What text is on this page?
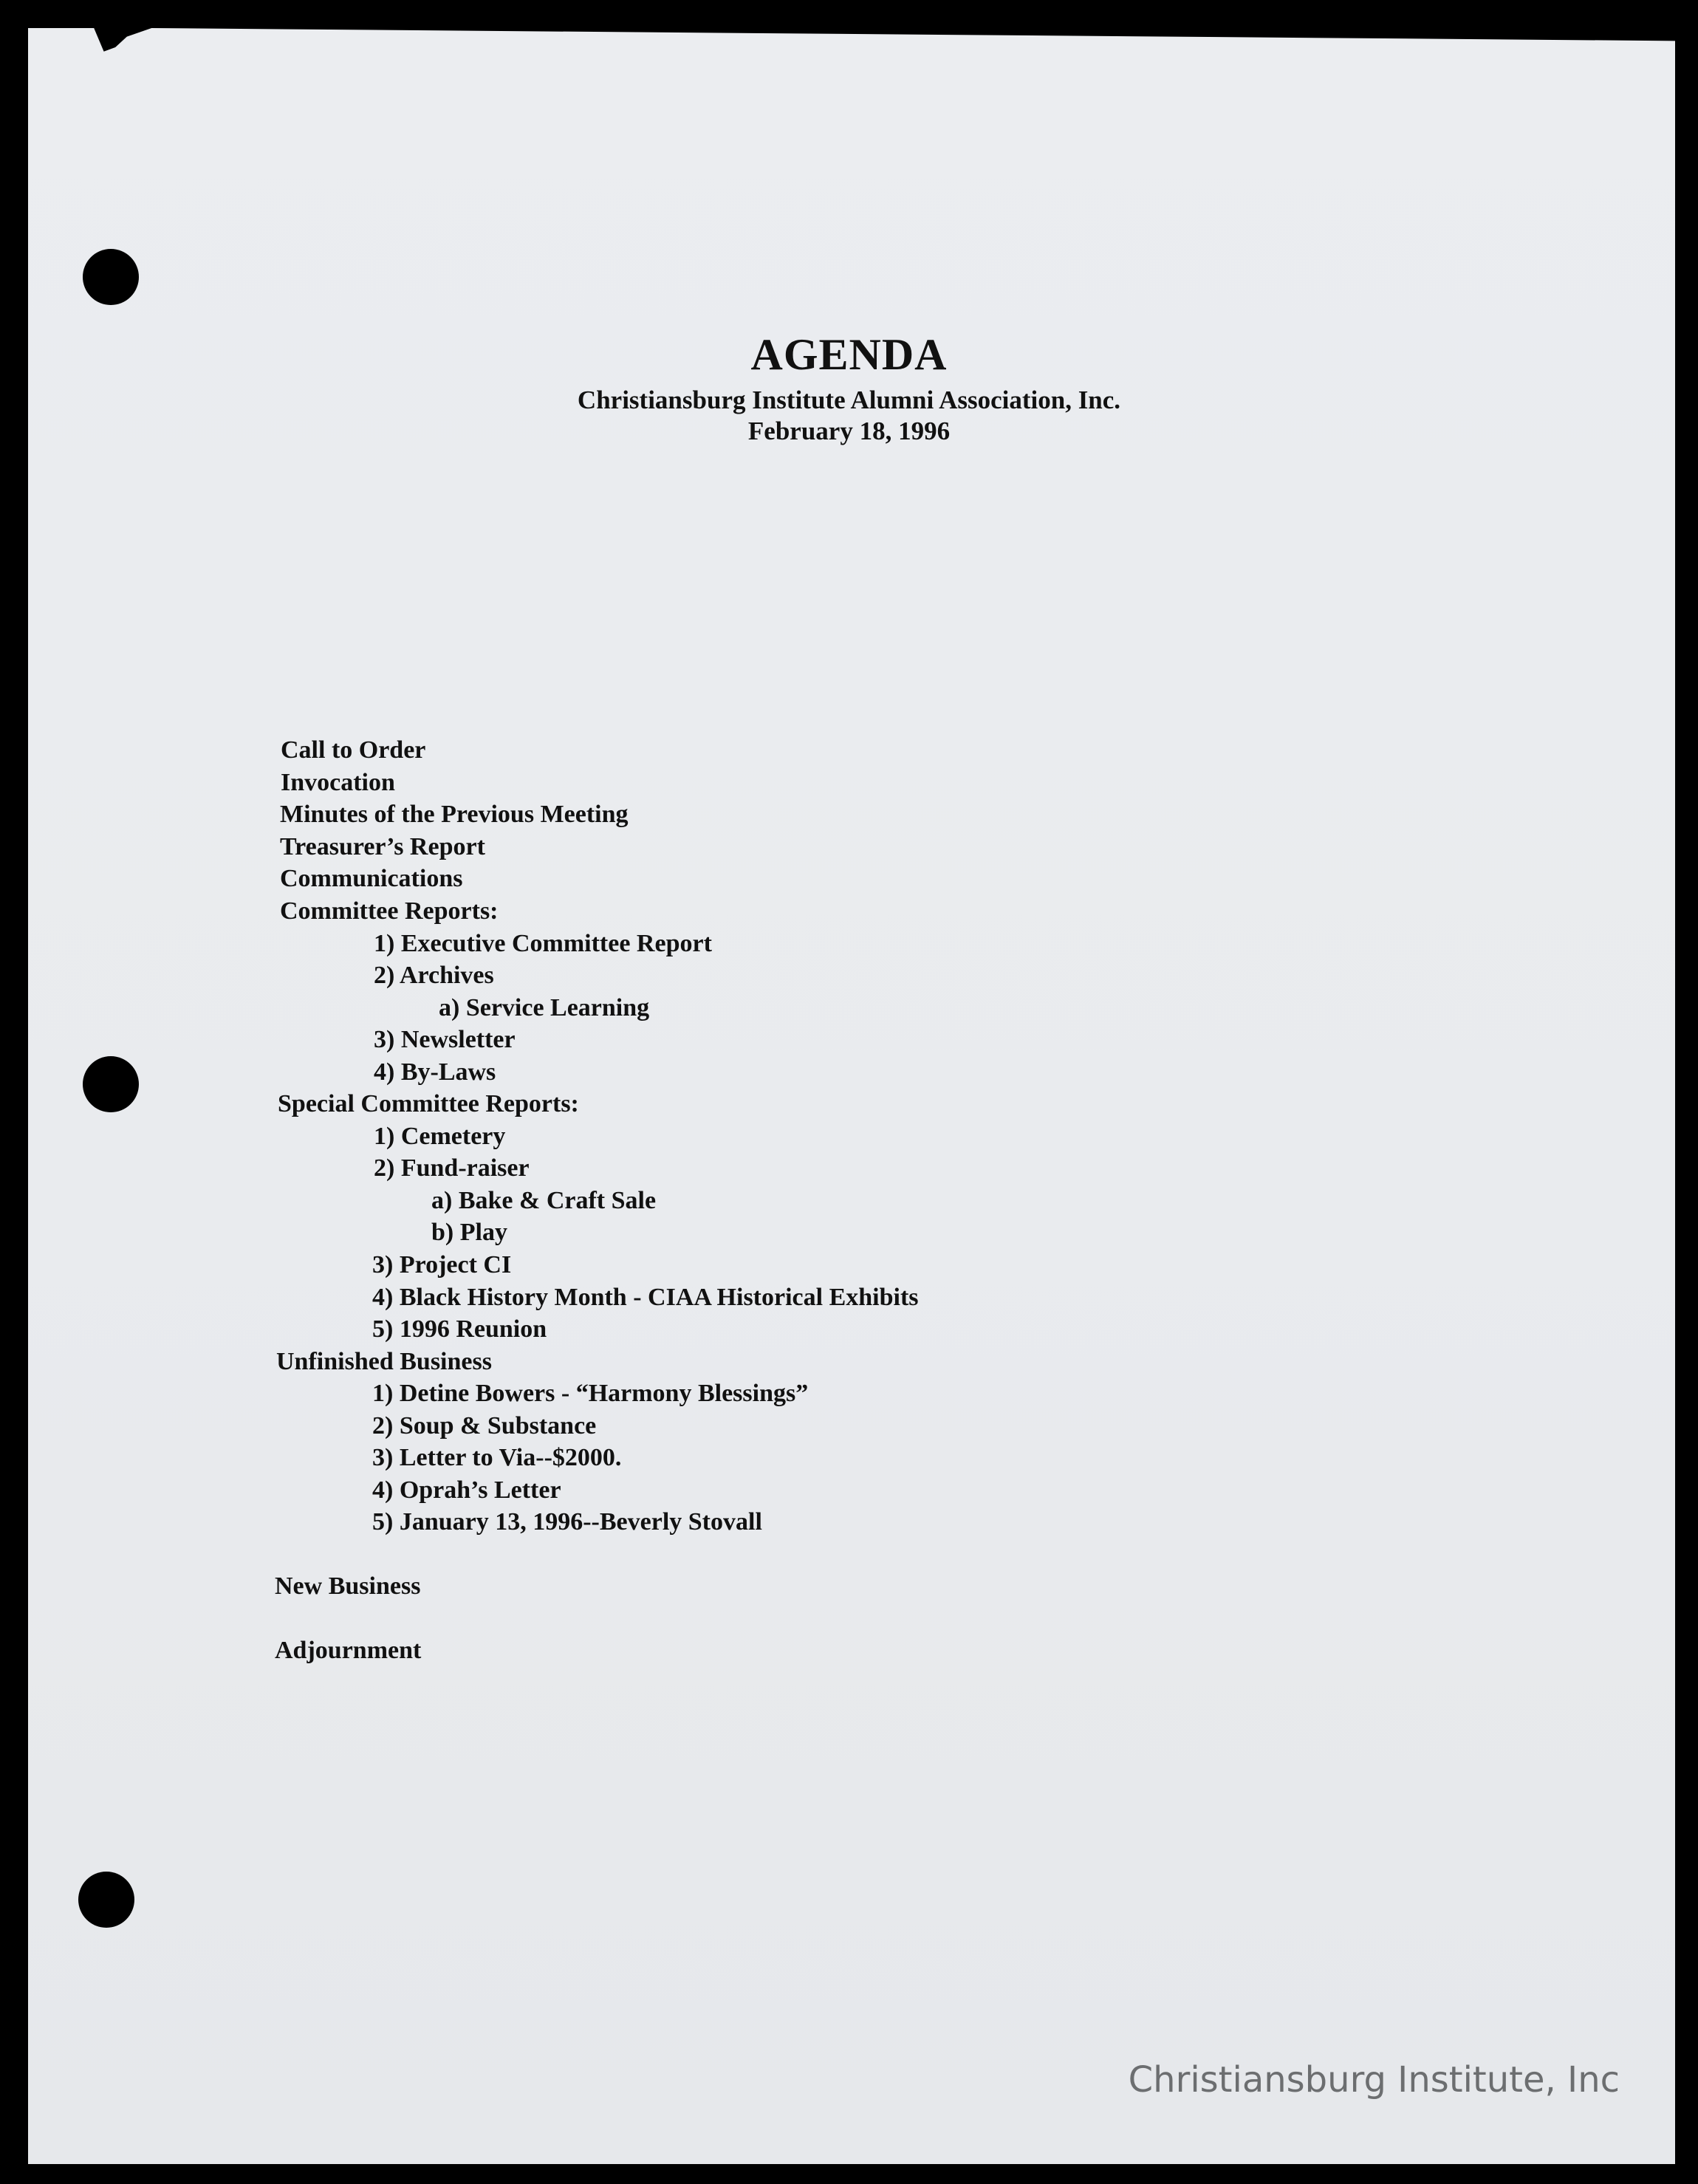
AGENDA
Christiansburg Institute Alumni Association, Inc.
February 18, 1996
Call to Order
Invocation
Minutes of the Previous Meeting
Treasurer’s Report
Communications
Committee Reports:
1) Executive Committee Report
2) Archives
a) Service Learning
3) Newsletter
4) By-Laws
Special Committee Reports:
1) Cemetery
2) Fund-raiser
a) Bake & Craft Sale
b) Play
3) Project CI
4) Black History Month - CIAA Historical Exhibits
5) 1996 Reunion
Unfinished Business
1) Detine Bowers - “Harmony Blessings”
2) Soup & Substance
3) Letter to Via--$2000.
4) Oprah’s Letter
5) January 13, 1996--Beverly Stovall
New Business
Adjournment
Christiansburg Institute, Inc
